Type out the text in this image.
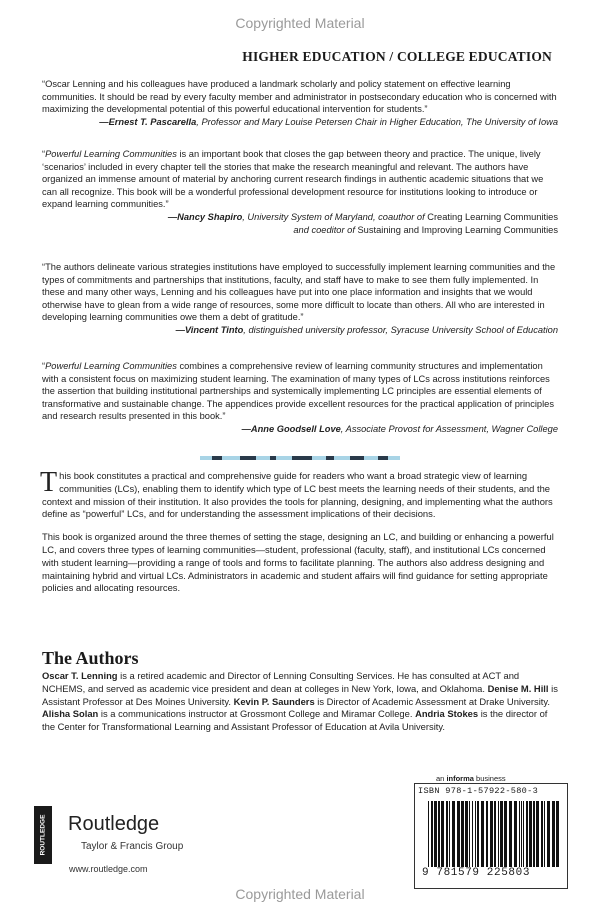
Copyrighted Material
HIGHER EDUCATION / COLLEGE EDUCATION

“Oscar Lenning and his colleagues have produced a landmark scholarly and policy statement on effective learning communities. It should be read by every faculty member and administrator in postsecondary education who is concerned with maximizing the developmental potential of this powerful educational intervention for students.”

—Ernest T. Pascarella, Professor and Mary Louise Petersen Chair in Higher Education, The University of Iowa

“Powerful Learning Communities is an important book that closes the gap between theory and practice. The unique, lively ‘scenarios’ included in every chapter tell the stories that make the research meaningful and relevant. The authors have organized an immense amount of material by anchoring current research findings in authentic academic situations that we can all recognize. This book will be a wonderful professional development resource for institutions looking to introduce or expand learning communities.”

—Nancy Shapiro, University System of Maryland, coauthor of Creating Learning Communities
and coeditor of Sustaining and Improving Learning Communities

“The authors delineate various strategies institutions have employed to successfully implement learning communities and the types of commitments and partnerships that institutions, faculty, and staff have to make to see them fully implemented. In these and many other ways, Lenning and his colleagues have put into one place information and insights that we would otherwise have to glean from a wide range of resources, some more difficult to locate than others. All who are interested in developing learning communities owe them a debt of gratitude.”

—Vincent Tinto, distinguished university professor, Syracuse University School of Education

“Powerful Learning Communities combines a comprehensive review of learning community structures and implementation with a consistent focus on maximizing student learning. The examination of many types of LCs across institutions reinforces the assertion that building institutional partnerships and systemically implementing LC principles are essential elements of transformative and sustainable change. The appendices provide excellent resources for the practical application of principles and research results presented in this book.”

—Anne Goodsell Love, Associate Provost for Assessment, Wagner College

This book constitutes a practical and comprehensive guide for readers who want a broad strategic view of learning communities (LCs), enabling them to identify which type of LC best meets the learning needs of their students, and the context and mission of their institution. It also provides the tools for planning, designing, and implementing what the authors define as “powerful” LCs, and for understanding the assessment implications of their decisions.

This book is organized around the three themes of setting the stage, designing an LC, and building or enhancing a powerful LC, and covers three types of learning communities—student, professional (faculty, staff), and institutional LCs concerned with student learning—providing a range of tools and forms to facilitate planning. The authors also address designing and maintaining hybrid and virtual LCs. Administrators in academic and student affairs will find guidance for setting appropriate policies and allocating resources.

The Authors

Oscar T. Lenning is a retired academic and Director of Lenning Consulting Services. He has consulted at ACT and NCHEMS, and served as academic vice president and dean at colleges in New York, Iowa, and Oklahoma. Denise M. Hill is Assistant Professor at Des Moines University. Kevin P. Saunders is Director of Academic Assessment at Drake University. Alisha Solan is a communications instructor at Grossmont College and Miramar College. Andria Stokes is the director of the Center for Transformational Learning and Assistant Professor of Education at Avila University.

ROUTLEDGE Routledge
Taylor & Francis Group
www.routledge.com
an informa business
ISBN 978-1-57922-580-3
9 781579 225803
Copyrighted Material
